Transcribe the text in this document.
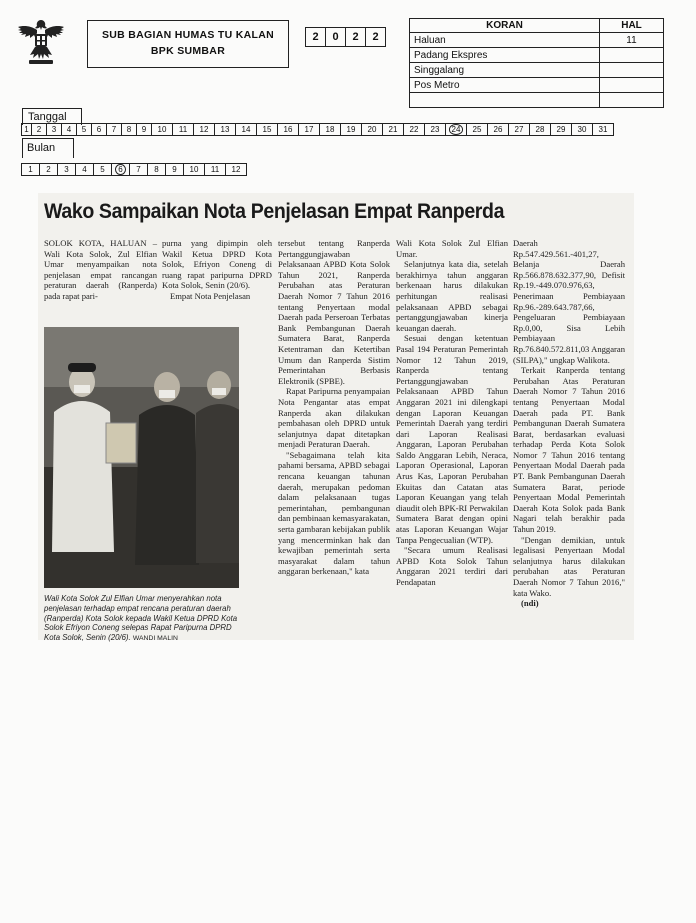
SUB BAGIAN HUMAS TU KALAN
BPK SUMBAR
2	0	2	2
KORAN	HAL
Haluan	11
Padang Ekspres	
Singgalang	
Pos Metro	

Tanggal
1	2	3	4	5	6	7	8	9	10	11	12	13	14	15	16	17	18	19	20	21	22	23	24	25	26	27	28	29	30	31
Bulan
1	2	3	4	5	6	7	8	9	10	11	12
Wako Sampaikan Nota Penjelasan Empat Ranperda

SOLOK KOTA, HALUAN – Wali Kota Solok, Zul Elfian Umar menyampaikan nota penjelasan empat rancangan peraturan daerah (Ranperda) pada rapat pari-

purna yang dipimpin oleh Wakil Ketua DPRD Kota Solok, Efriyon Coneng di ruang rapat paripurna DPRD Kota Solok, Senin (20/6).

Empat Nota Penjelasan

Wali Kota Solok Zul Elfian Umar menyerahkan nota penjelasan terhadap empat rencana peraturan daerah (Ranperda) Kota Solok kepada Wakil Ketua DPRD Kota Solok Efriyon Coneng selepas Rapat Paripurna DPRD Kota Solok, Senin (20/6). WANDI MALIN

tersebut tentang Ranperda Pertanggungjawaban Pelaksanaan APBD Kota Solok Tahun 2021, Ranperda Perubahan atas Peraturan Daerah Nomor 7 Tahun 2016 tentang Penyertaan modal Daerah pada Perseroan Terbatas Bank Pembangunan Daerah Sumatera Barat, Ranperda Ketentraman dan Ketertiban Umum dan Ranperda Sistim Pemerintahan Berbasis Elektronik (SPBE).

Rapat Paripurna penyampaian Nota Pengantar atas empat Ranperda akan dilakukan pembahasan oleh DPRD untuk selanjutnya dapat ditetapkan menjadi Peraturan Daerah.

"Sebagaimana telah kita pahami bersama, APBD sebagai rencana keuangan tahunan daerah, merupakan pedoman dalam pelaksanaan tugas pemerintahan, pembangunan dan pembinaan kemasyarakatan, serta gambaran kebijakan publik yang mencerminkan hak dan kewajiban pemerintah serta masyarakat dalam tahun anggaran berkenaan," kata

Wali Kota Solok Zul Elfian Umar.

Selanjutnya kata dia, setelah berakhirnya tahun anggaran berkenaan harus dilakukan perhitungan realisasi pelaksanaan APBD sebagai pertanggungjawaban kinerja keuangan daerah.

Sesuai dengan ketentuan Pasal 194 Peraturan Pemerintah Nomor 12 Tahun 2019, Ranperda tentang Pertanggungjawaban Pelaksanaan APBD Tahun Anggaran 2021 ini dilengkapi dengan Laporan Keuangan Pemerintah Daerah yang terdiri dari Laporan Realisasi Anggaran, Laporan Perubahan Saldo Anggaran Lebih, Neraca, Laporan Operasional, Laporan Arus Kas, Laporan Perubahan Ekuitas dan Catatan atas Laporan Keuangan yang telah diaudit oleh BPK-RI Perwakilan Sumatera Barat dengan opini atas Laporan Keuangan Wajar Tanpa Pengecualian (WTP).

"Secara umum Realisasi APBD Kota Solok Tahun Anggaran 2021 terdiri dari Pendapatan

Daerah Rp.547.429.561.-401,27, Belanja Daerah Rp.566.878.632.377,90, Defisit Rp.19.-449.070.976,63, Penerimaan Pembiayaan Rp.96.-289.643.787,66, Pengeluaran Pembiayaan Rp.0,00, Sisa Lebih Pembiayaan Rp.76.840.572.811,03 Anggaran (SILPA)," ungkap Walikota.

Terkait Ranperda tentang Perubahan Atas Peraturan Daerah Nomor 7 Tahun 2016 tentang Penyertaan Modal Daerah pada PT. Bank Pembangunan Daerah Sumatera Barat, berdasarkan evaluasi terhadap Perda Kota Solok Nomor 7 Tahun 2016 tentang Penyertaan Modal Daerah pada PT. Bank Pembangunan Daerah Sumatera Barat, periode Penyertaan Modal Pemerintah Daerah Kota Solok pada Bank Nagari telah berakhir pada Tahun 2019.

"Dengan demikian, untuk legalisasi Penyertaan Modal selanjutnya harus dilakukan perubahan atas Peraturan Daerah Nomor 7 Tahun 2016," kata Wako.

(ndi)
